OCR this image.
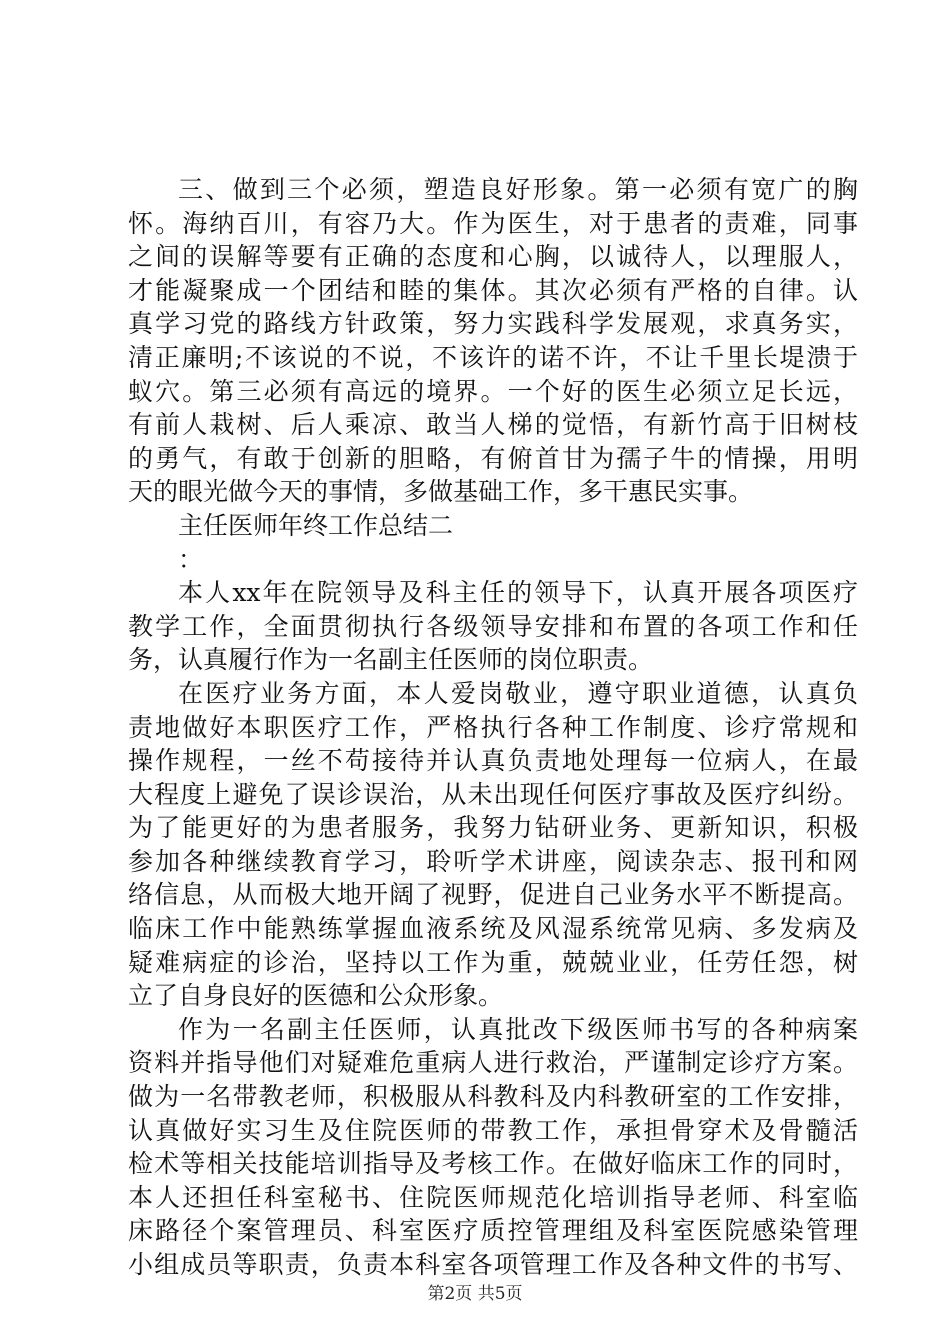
三、做到三个必须，塑造良好形象。第一必须有宽广的胸
怀。海纳百川，有容乃大。作为医生，对于患者的责难，同事
之间的误解等要有正确的态度和心胸，以诚待人，以理服人，
才能凝聚成一个团结和睦的集体。其次必须有严格的自律。认
真学习党的路线方针政策，努力实践科学发展观，求真务实，
清正廉明;不该说的不说，不该许的诺不许，不让千里长堤溃于
蚁穴。第三必须有高远的境界。一个好的医生必须立足长远，
有前人栽树、后人乘凉、敢当人梯的觉悟，有新竹高于旧树枝
的勇气，有敢于创新的胆略，有俯首甘为孺子牛的情操，用明
天的眼光做今天的事情，多做基础工作，多干惠民实事。
主任医师年终工作总结二
：
本人xx年在院领导及科主任的领导下，认真开展各项医疗
教学工作，全面贯彻执行各级领导安排和布置的各项工作和任
务，认真履行作为一名副主任医师的岗位职责。
在医疗业务方面，本人爱岗敬业，遵守职业道德，认真负
责地做好本职医疗工作，严格执行各种工作制度、诊疗常规和
操作规程，一丝不苟接待并认真负责地处理每一位病人，在最
大程度上避免了误诊误治，从未出现任何医疗事故及医疗纠纷。
为了能更好的为患者服务，我努力钻研业务、更新知识，积极
参加各种继续教育学习，聆听学术讲座，阅读杂志、报刊和网
络信息，从而极大地开阔了视野，促进自己业务水平不断提高。
临床工作中能熟练掌握血液系统及风湿系统常见病、多发病及
疑难病症的诊治，坚持以工作为重，兢兢业业，任劳任怨，树
立了自身良好的医德和公众形象。
作为一名副主任医师，认真批改下级医师书写的各种病案
资料并指导他们对疑难危重病人进行救治，严谨制定诊疗方案。
做为一名带教老师，积极服从科教科及内科教研室的工作安排，
认真做好实习生及住院医师的带教工作，承担骨穿术及骨髓活
检术等相关技能培训指导及考核工作。在做好临床工作的同时，
本人还担任科室秘书、住院医师规范化培训指导老师、科室临
床路径个案管理员、科室医疗质控管理组及科室医院感染管理
小组成员等职责，负责本科室各项管理工作及各种文件的书写、
第2页 共5页
